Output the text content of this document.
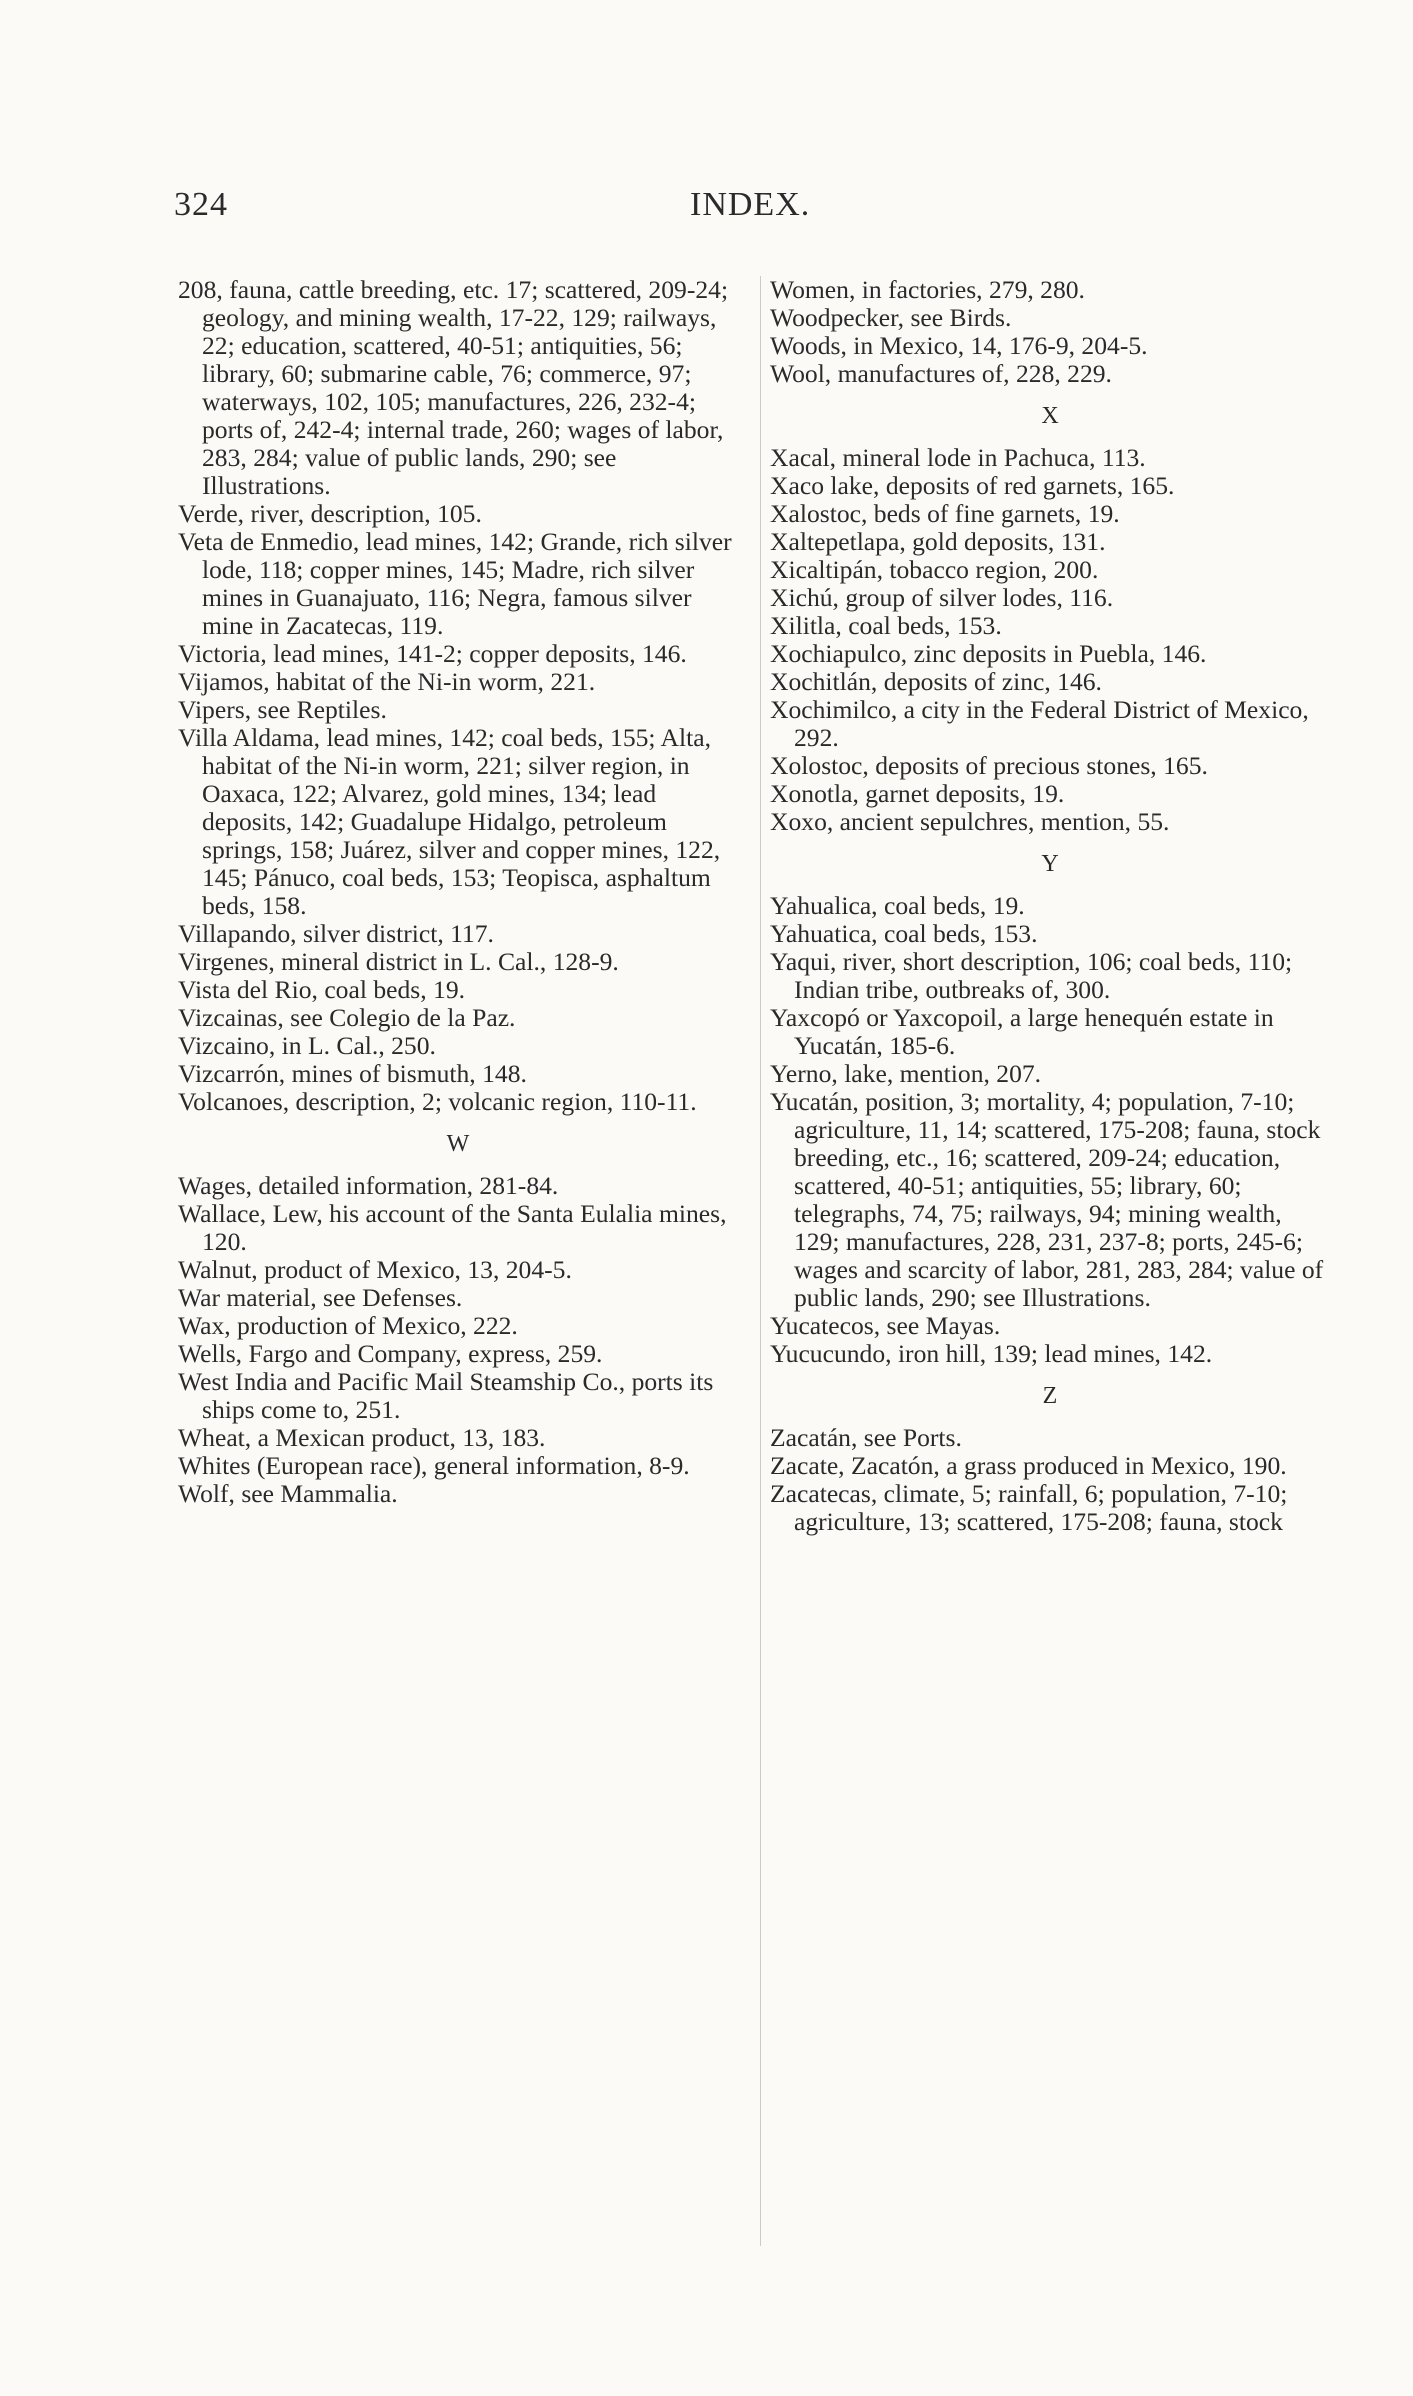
324	INDEX.

208, fauna, cattle breeding, etc. 17; scattered, 209-24; geology, and mining wealth, 17-22, 129; railways, 22; education, scattered, 40-51; antiquities, 56; library, 60; submarine cable, 76; commerce, 97; waterways, 102, 105; manufactures, 226, 232-4; ports of, 242-4; internal trade, 260; wages of labor, 283, 284; value of public lands, 290; see Illustrations.

Verde, river, description, 105.

Veta de Enmedio, lead mines, 142; Grande, rich silver lode, 118; copper mines, 145; Madre, rich silver mines in Guanajuato, 116; Negra, famous silver mine in Zacatecas, 119.

Victoria, lead mines, 141-2; copper deposits, 146.

Vijamos, habitat of the Ni-in worm, 221.

Vipers, see Reptiles.

Villa Aldama, lead mines, 142; coal beds, 155; Alta, habitat of the Ni-in worm, 221; silver region, in Oaxaca, 122; Alvarez, gold mines, 134; lead deposits, 142; Guadalupe Hidalgo, petroleum springs, 158; Juárez, silver and copper mines, 122, 145; Pánuco, coal beds, 153; Teopisca, asphaltum beds, 158.

Villapando, silver district, 117.

Virgenes, mineral district in L. Cal., 128-9.

Vista del Rio, coal beds, 19.

Vizcainas, see Colegio de la Paz.

Vizcaino, in L. Cal., 250.

Vizcarrón, mines of bismuth, 148.

Volcanoes, description, 2; volcanic region, 110-11.

W

Wages, detailed information, 281-84.

Wallace, Lew, his account of the Santa Eulalia mines, 120.

Walnut, product of Mexico, 13, 204-5.

War material, see Defenses.

Wax, production of Mexico, 222.

Wells, Fargo and Company, express, 259.

West India and Pacific Mail Steamship Co., ports its ships come to, 251.

Wheat, a Mexican product, 13, 183.

Whites (European race), general information, 8-9.

Wolf, see Mammalia.

Women, in factories, 279, 280.

Woodpecker, see Birds.

Woods, in Mexico, 14, 176-9, 204-5.

Wool, manufactures of, 228, 229.

X

Xacal, mineral lode in Pachuca, 113.

Xaco lake, deposits of red garnets, 165.

Xalostoc, beds of fine garnets, 19.

Xaltepetlapa, gold deposits, 131.

Xicaltipán, tobacco region, 200.

Xichú, group of silver lodes, 116.

Xilitla, coal beds, 153.

Xochiapulco, zinc deposits in Puebla, 146.

Xochitlán, deposits of zinc, 146.

Xochimilco, a city in the Federal District of Mexico, 292.

Xolostoc, deposits of precious stones, 165.

Xonotla, garnet deposits, 19.

Xoxo, ancient sepulchres, mention, 55.

Y

Yahualica, coal beds, 19.

Yahuatica, coal beds, 153.

Yaqui, river, short description, 106; coal beds, 110; Indian tribe, outbreaks of, 300.

Yaxcopó or Yaxcopoil, a large henequén estate in Yucatán, 185-6.

Yerno, lake, mention, 207.

Yucatán, position, 3; mortality, 4; population, 7-10; agriculture, 11, 14; scattered, 175-208; fauna, stock breeding, etc., 16; scattered, 209-24; education, scattered, 40-51; antiquities, 55; library, 60; telegraphs, 74, 75; railways, 94; mining wealth, 129; manufactures, 228, 231, 237-8; ports, 245-6; wages and scarcity of labor, 281, 283, 284; value of public lands, 290; see Illustrations.

Yucatecos, see Mayas.

Yucucundo, iron hill, 139; lead mines, 142.

Z

Zacatán, see Ports.

Zacate, Zacatón, a grass produced in Mexico, 190.

Zacatecas, climate, 5; rainfall, 6; population, 7-10; agriculture, 13; scattered, 175-208; fauna, stock
